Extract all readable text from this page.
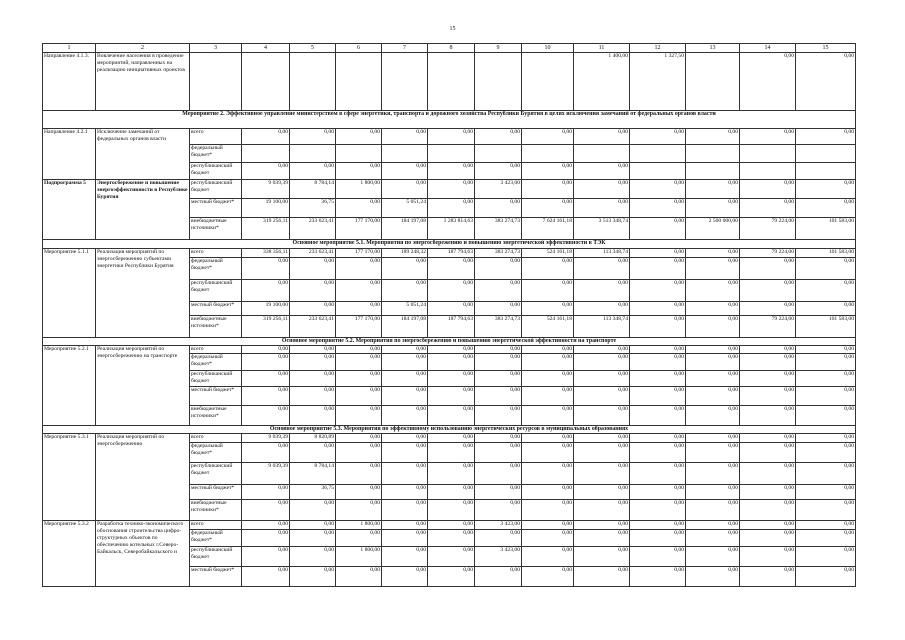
15
1	2	3	4	5	6	7	8	9	10	11	12	13	14	15
Направление 4.1.3.	Вовлечение населения в проведение мероприятий, направленных на реализацию инициативных проектов									1 400,00	1 327,50		0,00	0,00
Мероприятие 2. Эффективное управление министерством в сфере энергетики, транспорта и дорожного хозяйства Республики Бурятия в целях исключения замечаний от федеральных органов власти														
Направление 4.2.1	Исключение замечаний от федеральных органов власти	всего	0,00	0,00	0,00	0,00	0,00	0,00	0,00	0,00	0,00	0,00	0,00	0,00
		федеральный бюджет*												
		республиканский бюджет	0,00	0,00	0,00	0,00	0,00	0,00	0,00	0,00				
Подпрограмма 5	Энергосбережение и повышение энергоэффективности в Республике Бурятия	республиканский бюджет	9 039,39	8 784,14	1 800,00	0,00	0,00	3 423,00	0,00	0,00	0,00	0,00	0,00	0,00
		местный бюджет*	19 100,00	36,75	0,00	5 051,24	0,00	0,00	0,00	0,00	0,00	0,00	0,00	0,00
		внебюджетные источники*	319 256,11	233 623,41	177 170,00	184 197,08	1 283 814,63	383 274,73	7 624 161,18	3 513 348,74	0,00	2 500 000,00	79 224,00	101 583,00
Основное мероприятие 5.1. Мероприятия по энергосбережению и повышению энергетической эффективности в ТЭК														
Мероприятие 5.1.1	Реализация мероприятий по энергосбережению субъектами энергетики Республики Бурятия	всего	338 356,11	233 623,41	177 170,00	189 248,32	187 794,63	383 274,73	524 161,18	113 348,74	0,00	0,00	79 224,00	101 583,00
		федеральный бюджет*	0,00	0,00	0,00	0,00	0,00	0,00	0,00	0,00	0,00	0,00	0,00	0,00
		республиканский бюджет	0,00	0,00	0,00	0,00	0,00	0,00	0,00	0,00	0,00	0,00	0,00	0,00
		местный бюджет*	19 100,00	0,00	0,00	5 051,24	0,00	0,00	0,00	0,00	0,00	0,00	0,00	0,00
		внебюджетные источники*	319 256,11	233 623,41	177 170,00	184 197,08	187 794,63	383 274,73	524 161,18	113 348,74	0,00	0,00	79 224,00	101 583,00
Основное мероприятие 5.2. Мероприятия по энергосбережению и повышению энергетической эффективности на транспорте														
Мероприятие 5.2.1	Реализация мероприятий по энергосбережению на транспорте	всего	0,00	0,00	0,00	0,00	0,00	0,00	0,00	0,00	0,00	0,00	0,00	0,00
		федеральный бюджет*	0,00	0,00	0,00	0,00	0,00	0,00	0,00	0,00	0,00	0,00	0,00	0,00
		республиканский бюджет	0,00	0,00	0,00	0,00	0,00	0,00	0,00	0,00	0,00	0,00	0,00	0,00
		местный бюджет*	0,00	0,00	0,00	0,00	0,00	0,00	0,00	0,00	0,00	0,00	0,00	0,00
		внебюджетные источники*	0,00	0,00	0,00	0,00	0,00	0,00	0,00	0,00	0,00	0,00	0,00	0,00
Основное мероприятие 5.3. Мероприятия по эффективному использованию энергетических ресурсов в муниципальных образованиях														
Мероприятие 5.3.1	Реализация мероприятий по энергосбережению	всего	9 039,39	8 820,89	0,00	0,00	0,00	0,00	0,00	0,00	0,00	0,00	0,00	0,00
		федеральный бюджет*	0,00	0,00	0,00	0,00	0,00	0,00	0,00	0,00	0,00	0,00	0,00	0,00
		республиканский бюджет	9 039,39	8 784,14	0,00	0,00	0,00	0,00	0,00	0,00	0,00	0,00	0,00	0,00
		местный бюджет*	0,00	36,75	0,00	0,00	0,00	0,00	0,00	0,00	0,00	0,00	0,00	0,00
		внебюджетные источники*	0,00	0,00	0,00	0,00	0,00	0,00	0,00	0,00	0,00	0,00	0,00	0,00
Мероприятие 5.3.2	Разработка технико-экономического обоснования строительства цифро-структурных объектов по обеспечению котельных г.Северо-Байкальск, Северобайкальского и	всего	0,00	0,00	1 800,00	0,00	0,00	3 423,00	0,00	0,00	0,00	0,00	0,00	0,00
		федеральный бюджет*	0,00	0,00	0,00	0,00	0,00	0,00	0,00	0,00	0,00	0,00	0,00	0,00
		республиканский бюджет	0,00	0,00	1 800,00	0,00	0,00	3 423,00	0,00	0,00	0,00	0,00	0,00	0,00
		местный бюджет*	0,00	0,00	0,00	0,00	0,00	0,00	0,00	0,00	0,00	0,00	0,00	0,00
